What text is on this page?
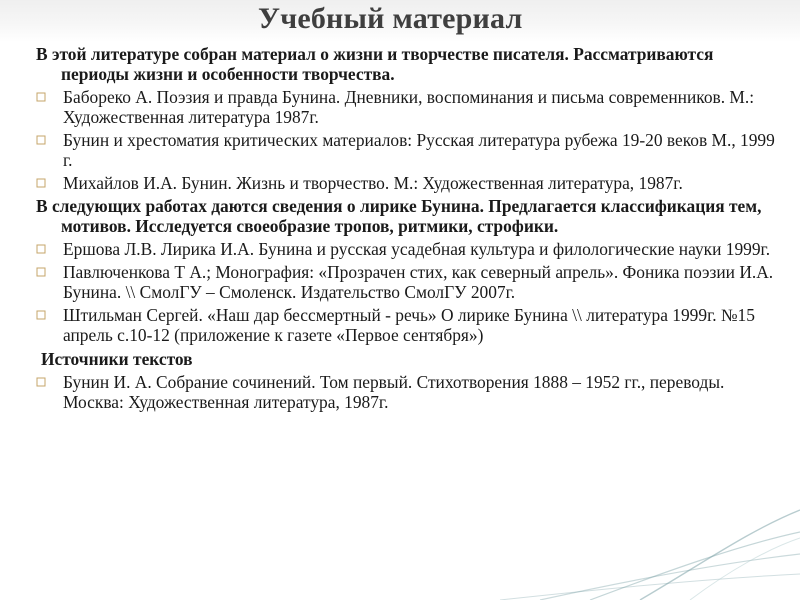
Учебный материал

В этой литературе собран материал о жизни и творчестве писателя. Рассматриваются периоды жизни и особенности творчества.

Бабореко А. Поэзия и правда Бунина. Дневники, воспоминания и письма современников. М.: Художественная литература 1987г.

Бунин и хрестоматия критических материалов: Русская литература рубежа 19-20 веков М., 1999 г.

Михайлов И.А. Бунин. Жизнь и творчество. М.: Художественная литература, 1987г.

В следующих работах даются сведения о лирике Бунина. Предлагается классификация тем, мотивов. Исследуется своеобразие тропов, ритмики, строфики.

Ершова Л.В. Лирика И.А. Бунина и русская усадебная культура и филологические науки 1999г.

Павлюченкова Т А.; Монография: «Прозрачен стих, как северный апрель». Фоника поэзии И.А. Бунина. \\ СмолГУ – Смоленск. Издательство СмолГУ 2007г.

Штильман Сергей. «Наш дар бессмертный - речь» О лирике Бунина \\ литература 1999г. №15 апрель с.10-12 (приложение к газете «Первое сентября»)

Источники текстов

Бунин И. А. Собрание сочинений. Том первый. Стихотворения 1888 – 1952 гг., переводы. Москва: Художественная литература, 1987г.
